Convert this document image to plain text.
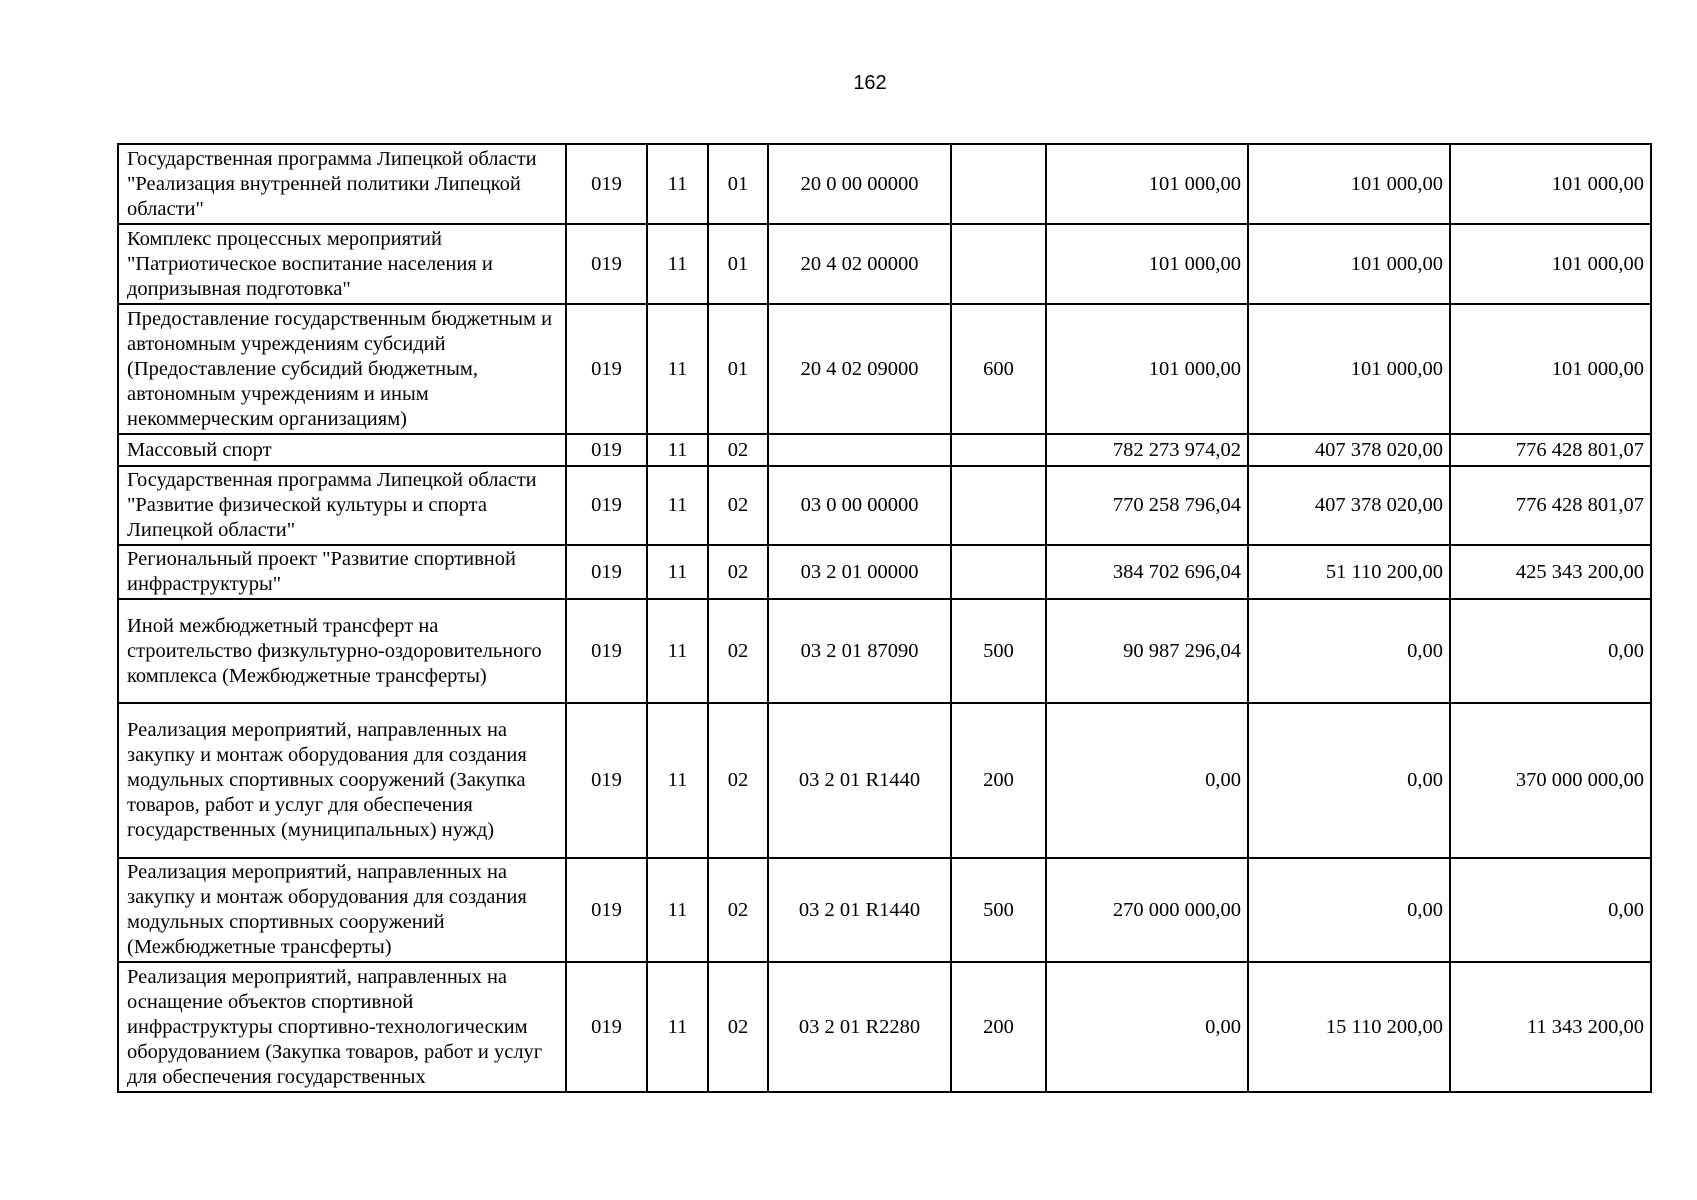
162
Государственная программа Липецкой области "Реализация внутренней политики Липецкой области"	019	11	01	20 0 00 00000		101 000,00	101 000,00	101 000,00
Комплекс процессных мероприятий "Патриотическое воспитание населения и допризывная подготовка"	019	11	01	20 4 02 00000		101 000,00	101 000,00	101 000,00
Предоставление государственным бюджетным и автономным учреждениям субсидий (Предоставление субсидий бюджетным, автономным учреждениям и иным некоммерческим организациям)	019	11	01	20 4 02 09000	600	101 000,00	101 000,00	101 000,00
Массовый спорт	019	11	02			782 273 974,02	407 378 020,00	776 428 801,07
Государственная программа Липецкой области "Развитие физической культуры и спорта Липецкой области"	019	11	02	03 0 00 00000		770 258 796,04	407 378 020,00	776 428 801,07
Региональный проект "Развитие спортивной инфраструктуры"	019	11	02	03 2 01 00000		384 702 696,04	51 110 200,00	425 343 200,00
Иной межбюджетный трансферт на строительство физкультурно-оздоровительного комплекса (Межбюджетные трансферты)	019	11	02	03 2 01 87090	500	90 987 296,04	0,00	0,00
Реализация мероприятий, направленных на закупку и монтаж оборудования для создания модульных спортивных сооружений (Закупка товаров, работ и услуг для обеспечения государственных (муниципальных) нужд)	019	11	02	03 2 01 R1440	200	0,00	0,00	370 000 000,00
Реализация мероприятий, направленных на закупку и монтаж оборудования для создания модульных спортивных сооружений (Межбюджетные трансферты)	019	11	02	03 2 01 R1440	500	270 000 000,00	0,00	0,00
Реализация мероприятий, направленных на оснащение объектов спортивной инфраструктуры спортивно-технологическим оборудованием (Закупка товаров, работ и услуг для обеспечения государственных	019	11	02	03 2 01 R2280	200	0,00	15 110 200,00	11 343 200,00
